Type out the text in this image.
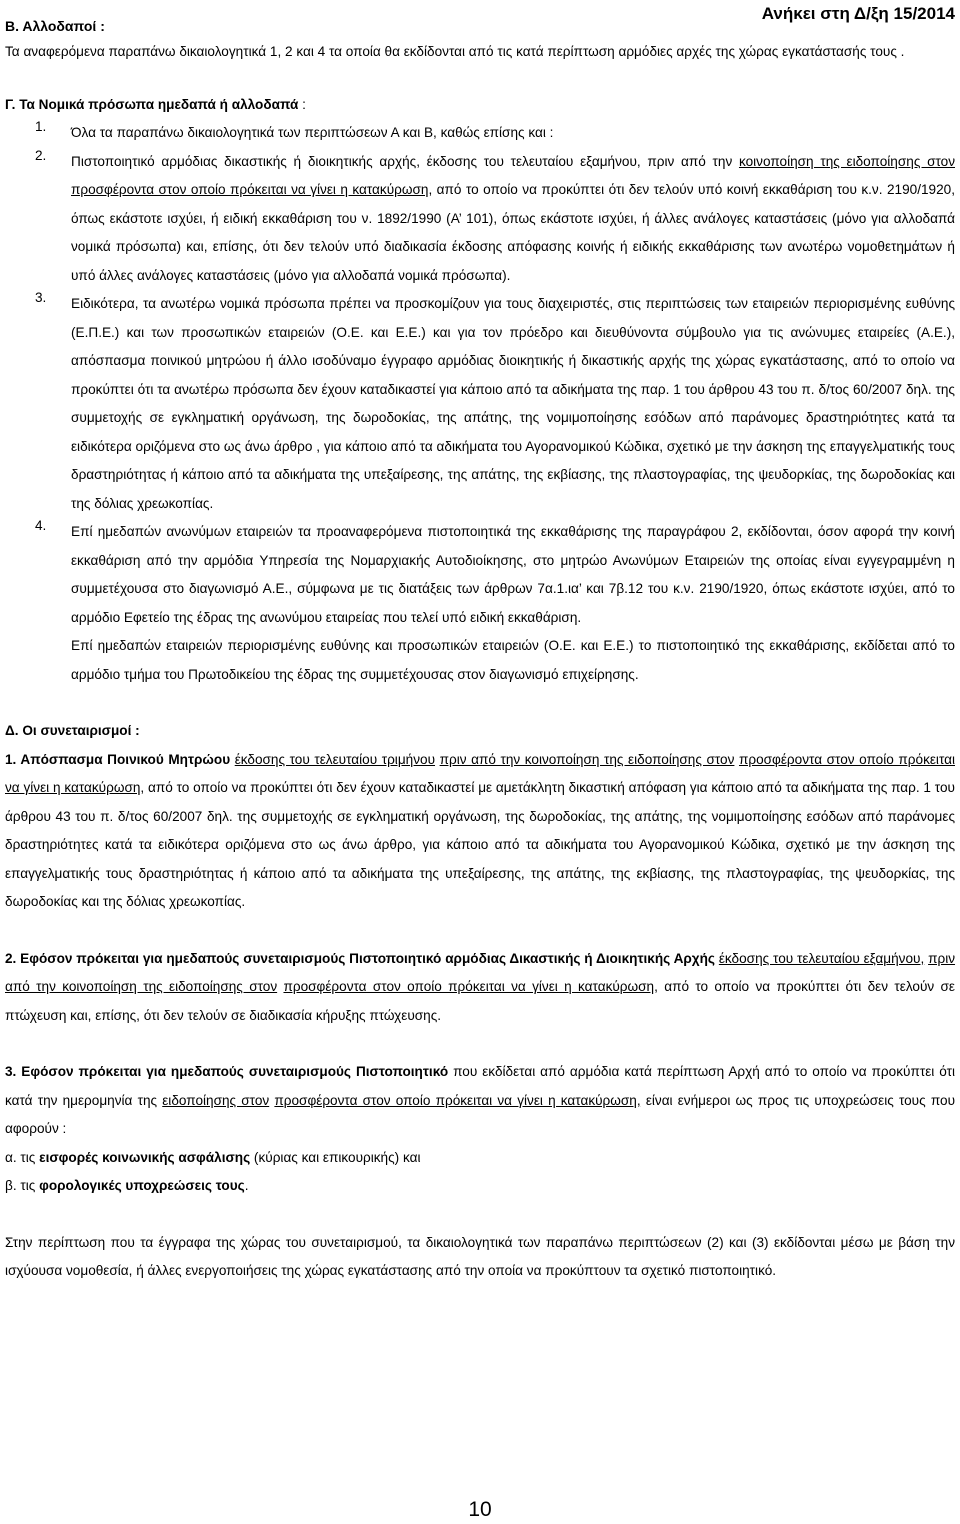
Β. Αλλοδαποί :
Ανήκει στη Δ/ξη 15/2014

Τα αναφερόμενα παραπάνω δικαιολογητικά 1, 2 και 4 τα οποία θα εκδίδονται από τις κατά περίπτωση αρμόδιες αρχές της χώρας εγκατάστασής τους .

Γ. Τα Νομικά πρόσωπα ημεδαπά ή αλλοδαπά :

1.	Όλα τα παραπάνω δικαιολογητικά των περιπτώσεων Α και Β, καθώς επίσης και :

2.	Πιστοποιητικό αρμόδιας δικαστικής ή διοικητικής αρχής, έκδοσης του τελευταίου εξαμήνου, πριν από την κοινοποίηση της ειδοποίησης στον προσφέροντα στον οποίο πρόκειται να γίνει η κατακύρωση, από το οποίο να προκύπτει ότι δεν τελούν υπό κοινή εκκαθάριση του κ.ν. 2190/1920, όπως εκάστοτε ισχύει, ή ειδική εκκαθάριση του ν. 1892/1990 (Α’ 101), όπως εκάστοτε ισχύει, ή άλλες ανάλογες καταστάσεις (μόνο για αλλοδαπά νομικά πρόσωπα) και, επίσης, ότι δεν τελούν υπό διαδικασία έκδοσης απόφασης κοινής ή ειδικής εκκαθάρισης των ανωτέρω νομοθετημάτων ή υπό άλλες ανάλογες καταστάσεις (μόνο για αλλοδαπά νομικά πρόσωπα).

3.	Ειδικότερα, τα ανωτέρω νομικά πρόσωπα πρέπει να προσκομίζουν για τους διαχειριστές, στις περιπτώσεις των εταιρειών περιορισμένης ευθύνης (Ε.Π.Ε.) και των προσωπικών εταιρειών (Ο.Ε. και Ε.Ε.) και για τον πρόεδρο και διευθύνοντα σύμβουλο για τις ανώνυμες εταιρείες (Α.Ε.), απόσπασμα ποινικού μητρώου ή άλλο ισοδύναμο έγγραφο αρμόδιας διοικητικής ή δικαστικής αρχής της χώρας εγκατάστασης, από το οποίο να προκύπτει ότι τα ανωτέρω πρόσωπα δεν έχουν καταδικαστεί για κάποιο από τα αδικήματα της παρ. 1 του άρθρου 43 του π. δ/τος 60/2007 δηλ. της συμμετοχής σε εγκληματική οργάνωση, της δωροδοκίας, της απάτης, της νομιμοποίησης εσόδων από παράνομες δραστηριότητες κατά τα ειδικότερα οριζόμενα στο ως άνω άρθρο , για κάποιο από τα αδικήματα του Αγορανομικού Κώδικα, σχετικό με την άσκηση της επαγγελματικής τους δραστηριότητας ή κάποιο από τα αδικήματα της υπεξαίρεσης, της απάτης, της εκβίασης, της πλαστογραφίας, της ψευδορκίας, της δωροδοκίας και της δόλιας χρεωκοπίας.

4.	Επί ημεδαπών ανωνύμων εταιρειών τα προαναφερόμενα πιστοποιητικά της εκκαθάρισης της παραγράφου 2, εκδίδονται, όσον αφορά την κοινή εκκαθάριση από την αρμόδια Υπηρεσία της Νομαρχιακής Αυτοδιοίκησης, στο μητρώο Ανωνύμων Εταιρειών της οποίας είναι εγγεγραμμένη η συμμετέχουσα στο διαγωνισμό Α.Ε., σύμφωνα με τις διατάξεις των άρθρων 7α.1.ια’ και 7β.12 του κ.ν. 2190/1920, όπως εκάστοτε ισχύει, από το αρμόδιο Εφετείο της έδρας της ανωνύμου εταιρείας που τελεί υπό ειδική εκκαθάριση.

Επί ημεδαπών εταιρειών περιορισμένης ευθύνης και προσωπικών εταιρειών (Ο.Ε. και Ε.Ε.) το πιστοποιητικό της εκκαθάρισης, εκδίδεται από το αρμόδιο τμήμα του Πρωτοδικείου της έδρας της συμμετέχουσας στον διαγωνισμό επιχείρησης.

Δ. Οι συνεταιρισμοί :

1. Απόσπασμα Ποινικού Μητρώου έκδοσης του τελευταίου τριμήνου πριν από την κοινοποίηση της ειδοποίησης στον προσφέροντα στον οποίο πρόκειται να γίνει η κατακύρωση, από το οποίο να προκύπτει ότι δεν έχουν καταδικαστεί με αμετάκλητη δικαστική απόφαση για κάποιο από τα αδικήματα της παρ. 1 του άρθρου 43 του π. δ/τος 60/2007 δηλ. της συμμετοχής σε εγκληματική οργάνωση, της δωροδοκίας, της απάτης, της νομιμοποίησης εσόδων από παράνομες δραστηριότητες κατά τα ειδικότερα οριζόμενα στο ως άνω άρθρο, για κάποιο από τα αδικήματα του Αγορανομικού Κώδικα, σχετικό με την άσκηση της επαγγελματικής τους δραστηριότητας ή κάποιο από τα αδικήματα της υπεξαίρεσης, της απάτης, της εκβίασης, της πλαστογραφίας, της ψευδορκίας, της δωροδοκίας και της δόλιας χρεωκοπίας.

2. Εφόσον πρόκειται για ημεδαπούς συνεταιρισμούς Πιστοποιητικό αρμόδιας Δικαστικής ή Διοικητικής Αρχής έκδοσης του τελευταίου εξαμήνου, πριν από την κοινοποίηση της ειδοποίησης στον προσφέροντα στον οποίο πρόκειται να γίνει η κατακύρωση, από το οποίο να προκύπτει ότι δεν τελούν σε πτώχευση και, επίσης, ότι δεν τελούν σε διαδικασία κήρυξης πτώχευσης.

3. Εφόσον πρόκειται για ημεδαπούς συνεταιρισμούς Πιστοποιητικό που εκδίδεται από αρμόδια κατά περίπτωση Αρχή από το οποίο να προκύπτει ότι κατά την ημερομηνία της ειδοποίησης στον προσφέροντα στον οποίο πρόκειται να γίνει η κατακύρωση, είναι ενήμεροι ως προς τις υποχρεώσεις τους που αφορούν :

α. τις εισφορές κοινωνικής ασφάλισης (κύριας και επικουρικής) και

β. τις φορολογικές υποχρεώσεις τους.

Στην περίπτωση που τα έγγραφα της χώρας του συνεταιρισμού, τα δικαιολογητικά των παραπάνω περιπτώσεων (2) και (3) εκδίδονται μέσω με βάση την ισχύουσα νομοθεσία, ή άλλες ενεργοποιήσεις της χώρας εγκατάστασης από την οποία να προκύπτουν τα σχετικό πιστοποιητικό.

10
